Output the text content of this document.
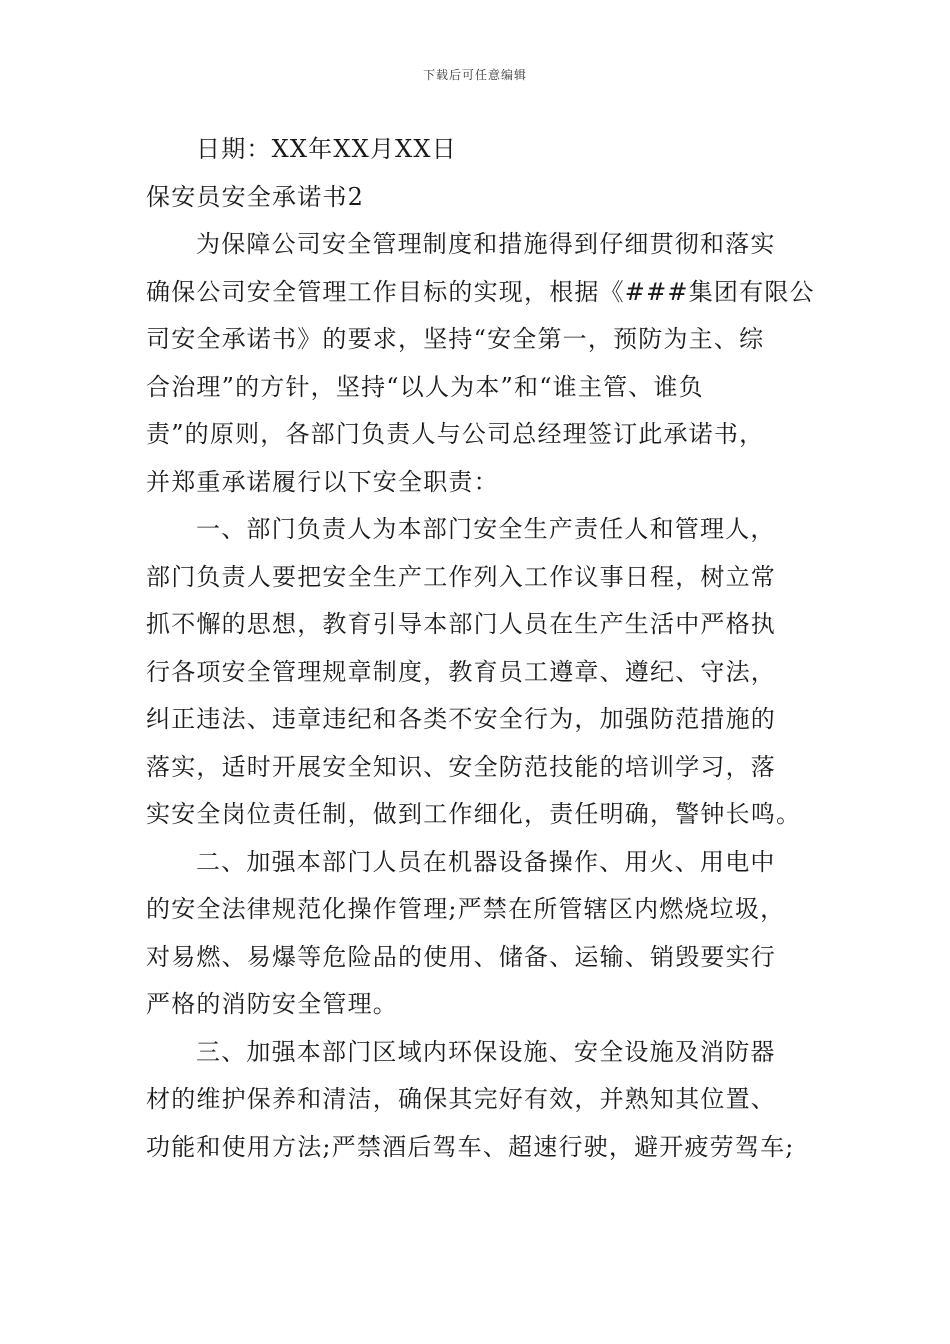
下载后可任意编辑
日期：XX年XX月XX日
保安员安全承诺书2
为保障公司安全管理制度和措施得到仔细贯彻和落实
确保公司安全管理工作目标的实现，根据《###集团有限公
司安全承诺书》的要求，坚持“安全第一，预防为主、综
合治理”的方针，坚持“以人为本”和“谁主管、谁负
责”的原则，各部门负责人与公司总经理签订此承诺书，
并郑重承诺履行以下安全职责：
一、部门负责人为本部门安全生产责任人和管理人，
部门负责人要把安全生产工作列入工作议事日程，树立常
抓不懈的思想，教育引导本部门人员在生产生活中严格执
行各项安全管理规章制度，教育员工遵章、遵纪、守法，
纠正违法、违章违纪和各类不安全行为，加强防范措施的
落实，适时开展安全知识、安全防范技能的培训学习，落
实安全岗位责任制，做到工作细化，责任明确，警钟长鸣。
二、加强本部门人员在机器设备操作、用火、用电中
的安全法律规范化操作管理;严禁在所管辖区内燃烧垃圾，
对易燃、易爆等危险品的使用、储备、运输、销毁要实行
严格的消防安全管理。
三、加强本部门区域内环保设施、安全设施及消防器
材的维护保养和清洁，确保其完好有效，并熟知其位置、
功能和使用方法;严禁酒后驾车、超速行驶，避开疲劳驾车;
